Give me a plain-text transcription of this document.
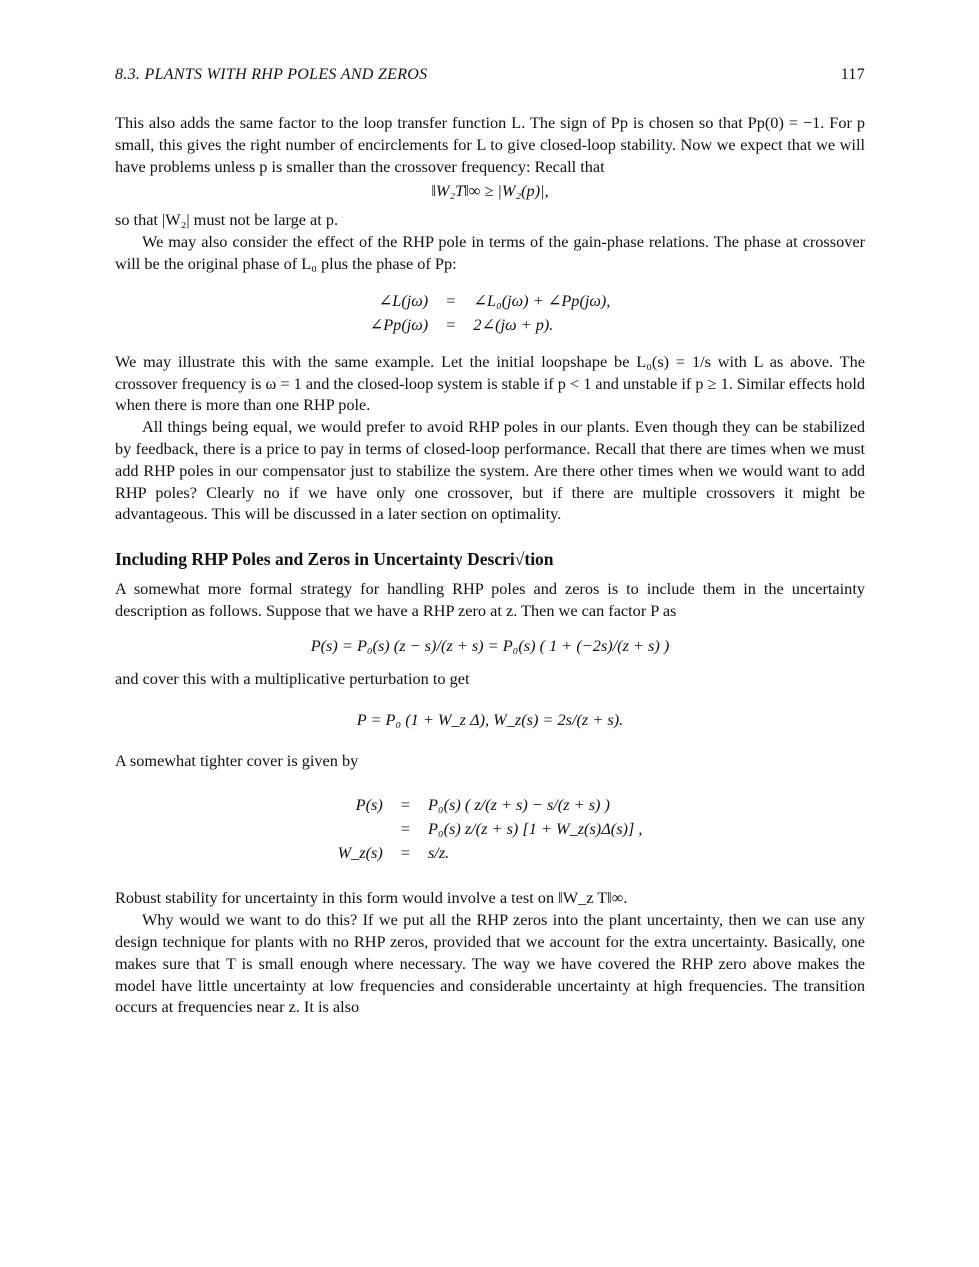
8.3. PLANTS WITH RHP POLES AND ZEROS	117

This also adds the same factor to the loop transfer function L. The sign of Pp is chosen so that Pp(0) = −1. For p small, this gives the right number of encirclements for L to give closed-loop stability. Now we expect that we will have problems unless p is smaller than the crossover frequency: Recall that

‖W₂T‖∞ ≥ |W₂(p)|,

so that |W₂| must not be large at p.

We may also consider the effect of the RHP pole in terms of the gain-phase relations. The phase at crossover will be the original phase of L₀ plus the phase of Pp:

∠L(jω)	=	∠L₀(jω) + ∠Pp(jω),
∠Pp(jω)	=	2∠(jω + p).

We may illustrate this with the same example. Let the initial loopshape be L₀(s) = 1/s with L as above. The crossover frequency is ω = 1 and the closed-loop system is stable if p < 1 and unstable if p ≥ 1. Similar effects hold when there is more than one RHP pole.

All things being equal, we would prefer to avoid RHP poles in our plants. Even though they can be stabilized by feedback, there is a price to pay in terms of closed-loop performance. Recall that there are times when we must add RHP poles in our compensator just to stabilize the system. Are there other times when we would want to add RHP poles? Clearly no if we have only one crossover, but if there are multiple crossovers it might be advantageous. This will be discussed in a later section on optimality.

Including RHP Poles and Zeros in Uncertainty Descri√tion

A somewhat more formal strategy for handling RHP poles and zeros is to include them in the uncertainty description as follows. Suppose that we have a RHP zero at z. Then we can factor P as

P(s) = P₀(s) (z − s)/(z + s) = P₀(s) ( 1 + (−2s)/(z + s) )

and cover this with a multiplicative perturbation to get

P = P₀ (1 + W_z Δ), W_z(s) = 2s/(z + s).

A somewhat tighter cover is given by

P(s)	=	P₀(s) ( z/(z + s) − s/(z + s) )
	=	P₀(s) z/(z + s) [1 + W_z(s)Δ(s)] ,
W_z(s)	=	s/z.

Robust stability for uncertainty in this form would involve a test on ‖W_z T‖∞.

Why would we want to do this? If we put all the RHP zeros into the plant uncertainty, then we can use any design technique for plants with no RHP zeros, provided that we account for the extra uncertainty. Basically, one makes sure that T is small enough where necessary. The way we have covered the RHP zero above makes the model have little uncertainty at low frequencies and considerable uncertainty at high frequencies. The transition occurs at frequencies near z. It is also
